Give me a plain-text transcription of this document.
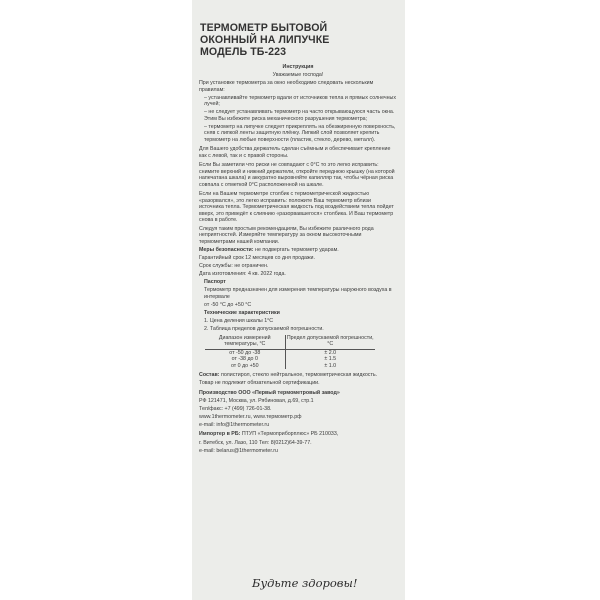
ТЕРМОМЕТР БЫТОВОЙ
ОКОННЫЙ НА ЛИПУЧКЕ
МОДЕЛЬ ТБ-223

Инструкция

Уважаемые господа!

При установке термометра за окно необходимо следовать нескольким правилам:

– устанавливайте термометр вдали от источников тепла и прямых солнечных лучей;

– не следует устанавливать термометр на часто открывающуюся часть окна. Этим Вы избежите риска механического разрушения термометра;

– термометр на липучке следует прикреплять на обезжиренную поверхность, сняв с липкой ленты защитную плёнку. Липкий слой позволяет крепить термометр на любые поверхности (пластик, стекло, дерево, металл).

Для Вашего удобства держатель сделан съёмным и обеспечивает крепление как с левой, так и с правой стороны.

Если Вы заметили что риски не совпадают с 0°С то это легко исправить: снимите верхний и нижний держатели, откройте переднюю крышку (на которой напечатана шкала) и аккуратно выровняйте капилляр так, чтобы чёрная риска совпала с отметкой 0°С расположенной на шкале.

Если на Вашем термометре столбик с термометрической жидкостью «разорвался», это легко исправить: положите Ваш термометр вблизи источника тепла. Термометрическая жидкость под воздействием тепла пойдет вверх, это приведёт к слиянию «разорвавшегося» столбика. И Ваш термометр снова в работе.

Следуя таким простым рекомендациям, Вы избежите различного рода неприятностей. Измеряйте температуру за окном высокоточными термометрами нашей компании.

Меры безопасности: не подвергать термометр ударам.

Гарантийный срок 12 месяцев со дня продажи.

Срок службы: не ограничен.

Дата изготовления: 4 кв. 2022 года.

Паспорт

Термометр предназначен для измерения температуры наружного воздуха в интервале

от -50 °С до +50 °С

Технические характеристики

1. Цена деления шкалы 1°С

2. Таблица пределов допускаемой погрешности.

Диапазон измерений температуры, °С
от -50 до -38
от -38 до 0
от 0 до +50
Предел допускаемой погрешности, °С
± 2.0
± 1.5
± 1.0

Состав: полистирол, стекло нейтральное, термометрическая жидкость.

Товар не подлежит обязательной сертификации.

Производство ООО «Первый термометровый завод»

РФ 121471, Москва, ул. Рябиновая, д.69, стр.1

Тел/факс: +7 (499) 726-01-38.

www.1thermometer.ru, www.термометр.рф

e-mail: info@1thermometer.ru

Импортер в РБ: ПТУП «Термоприборплюс» РБ 210033,

г. Витебск, ул. Лазо, 110 Тел: 8(0212)64-39-77.

e-mail: belarus@1thermometer.ru

Будьте здоровы!
